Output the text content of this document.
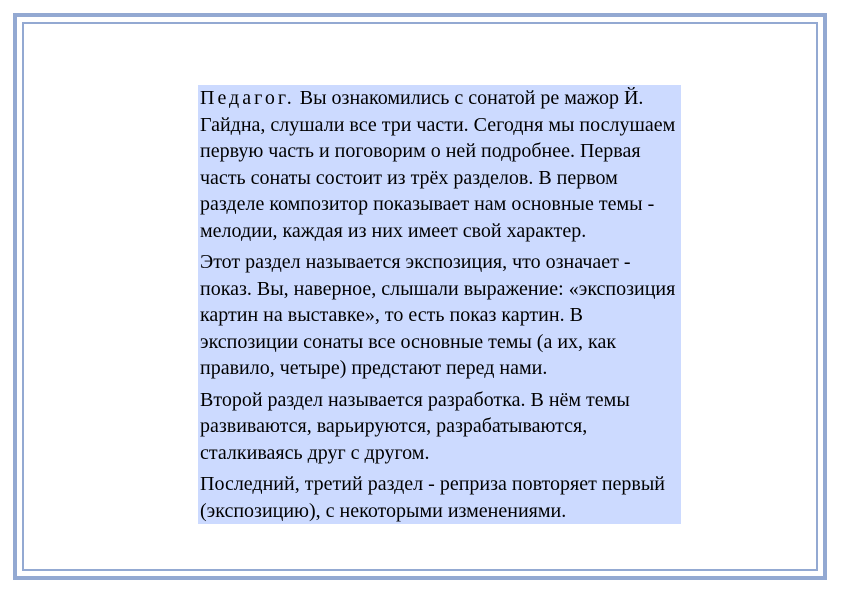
Педагог. Вы ознакомились с сонатой ре мажор Й. Гайдна, слушали все три части. Сегодня мы послушаем первую часть и поговорим о ней подробнее. Первая часть сонаты состоит из трёх разделов. В первом разделе композитор показывает нам основные темы - мелодии, каждая из них имеет свой характер.

Этот раздел называется экспозиция, что означает - показ. Вы, наверное, слышали выражение: «экспозиция картин на выставке», то есть показ картин. В экспозиции сонаты все основные темы (а их, как правило, четыре) предстают перед нами.

Второй раздел называется разработка. В нём темы развиваются, варьируются, разрабатываются, сталкиваясь друг с другом.

Последний, третий раздел - реприза повторяет первый (экспозицию), с некоторыми изменениями.
